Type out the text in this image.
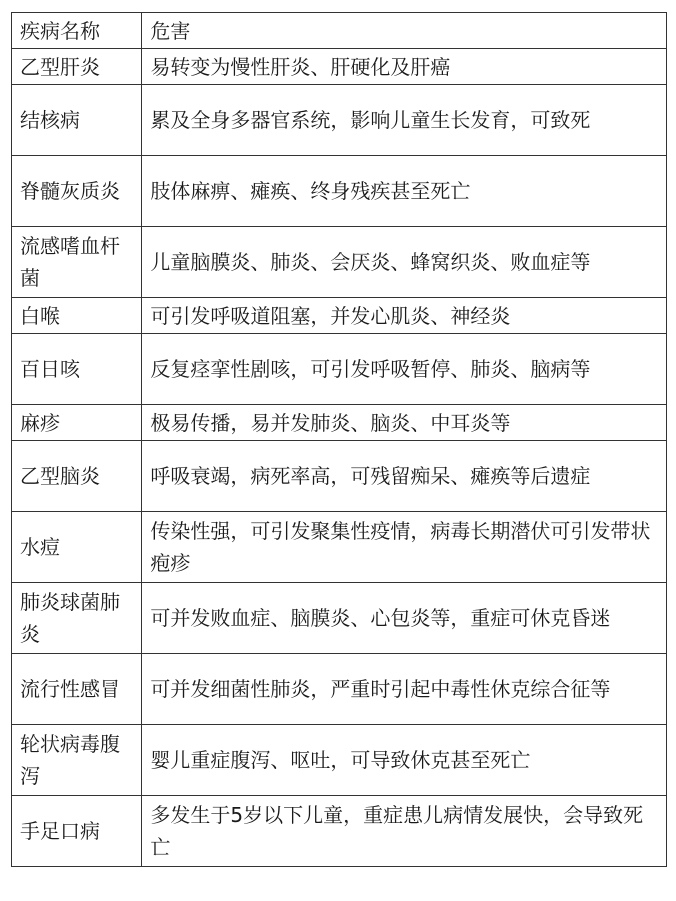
疾病名称	危害
乙型肝炎	易转变为慢性肝炎、肝硬化及肝癌
结核病	累及全身多器官系统，影响儿童生长发育，可致死
脊髓灰质炎	肢体麻痹、瘫痪、终身残疾甚至死亡
流感嗜血杆菌	儿童脑膜炎、肺炎、会厌炎、蜂窝织炎、败血症等
白喉	可引发呼吸道阻塞，并发心肌炎、神经炎
百日咳	反复痉挛性剧咳，可引发呼吸暂停、肺炎、脑病等
麻疹	极易传播，易并发肺炎、脑炎、中耳炎等
乙型脑炎	呼吸衰竭，病死率高，可残留痴呆、瘫痪等后遗症
水痘	传染性强，可引发聚集性疫情，病毒长期潜伏可引发带状疱疹
肺炎球菌肺炎	可并发败血症、脑膜炎、心包炎等，重症可休克昏迷
流行性感冒	可并发细菌性肺炎，严重时引起中毒性休克综合征等
轮状病毒腹泻	婴儿重症腹泻、呕吐，可导致休克甚至死亡
手足口病	多发生于5岁以下儿童，重症患儿病情发展快，会导致死亡
